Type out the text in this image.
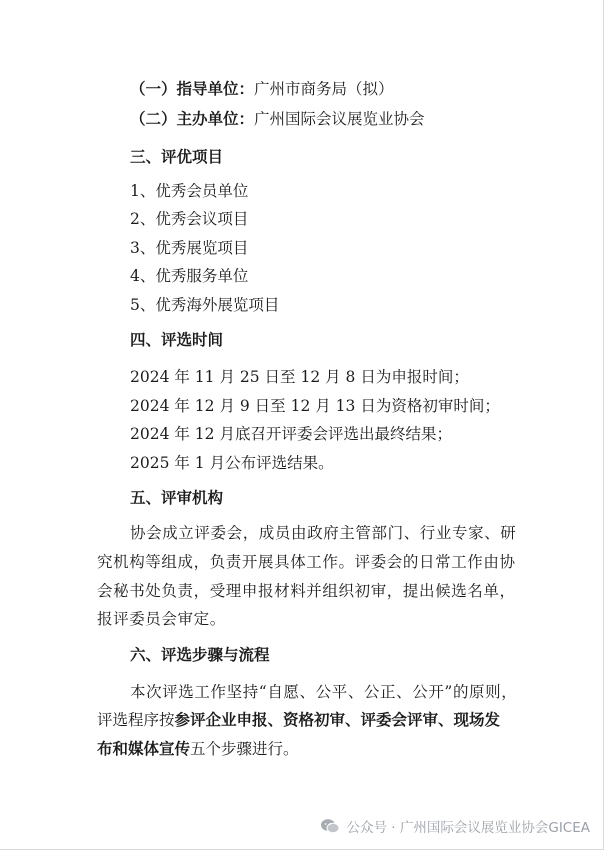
（一）指导单位：广州市商务局（拟）
（二）主办单位：广州国际会议展览业协会
三、评优项目
1、优秀会员单位
2、优秀会议项目
3、优秀展览项目
4、优秀服务单位
5、优秀海外展览项目
四、评选时间
2024 年 11 月 25 日至 12 月 8 日为申报时间；
2024 年 12 月 9 日至 12 月 13 日为资格初审时间；
2024 年 12 月底召开评委会评选出最终结果；
2025 年 1 月公布评选结果。
五、评审机构
协会成立评委会，成员由政府主管部门、行业专家、研
究机构等组成，负责开展具体工作。评委会的日常工作由协
会秘书处负责，受理申报材料并组织初审，提出候选名单，
报评委员会审定。
六、评选步骤与流程
本次评选工作坚持“自愿、公平、公正、公开”的原则，
评选程序按参评企业申报、资格初审、评委会评审、现场发
布和媒体宣传五个步骤进行。
公众号 · 广州国际会议展览业协会GICEA
